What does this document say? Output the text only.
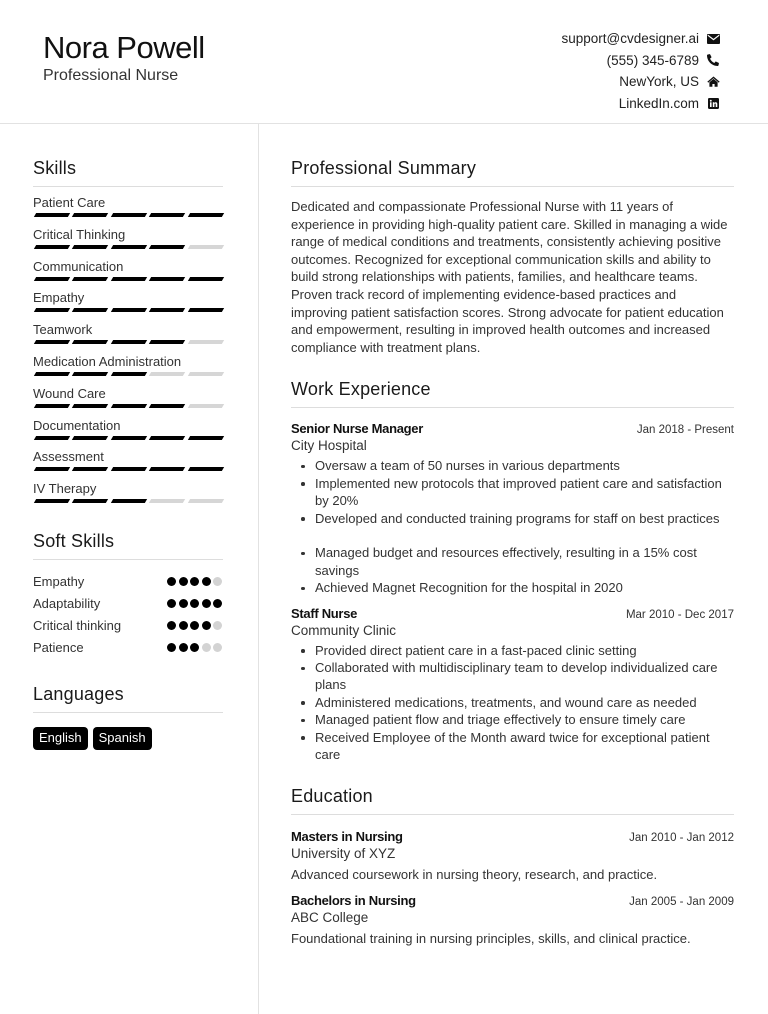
Nora Powell
Professional Nurse
support@cvdesigner.ai
(555) 345-6789
NewYork, US
LinkedIn.com
Skills
Patient Care
Critical Thinking
Communication
Empathy
Teamwork
Medication Administration
Wound Care
Documentation
Assessment
IV Therapy
Soft Skills
Empathy
Adaptability
Critical thinking
Patience
Languages
English	Spanish
Professional Summary
Dedicated and compassionate Professional Nurse with 11 years of experience in providing high-quality patient care. Skilled in managing a wide range of medical conditions and treatments, consistently achieving positive outcomes. Recognized for exceptional communication skills and ability to build strong relationships with patients, families, and healthcare teams. Proven track record of implementing evidence-based practices and improving patient satisfaction scores. Strong advocate for patient education and empowerment, resulting in improved health outcomes and increased compliance with treatment plans.
Work Experience
Senior Nurse Manager	Jan 2018 - Present
City Hospital
Oversaw a team of 50 nurses in various departments
Implemented new protocols that improved patient care and satisfaction by 20%
Developed and conducted training programs for staff on best practices

Managed budget and resources effectively, resulting in a 15% cost savings
Achieved Magnet Recognition for the hospital in 2020
Staff Nurse	Mar 2010 - Dec 2017
Community Clinic
Provided direct patient care in a fast-paced clinic setting
Collaborated with multidisciplinary team to develop individualized care plans
Administered medications, treatments, and wound care as needed
Managed patient flow and triage effectively to ensure timely care
Received Employee of the Month award twice for exceptional patient care
Education
Masters in Nursing	Jan 2010 - Jan 2012
University of XYZ
Advanced coursework in nursing theory, research, and practice.
Bachelors in Nursing	Jan 2005 - Jan 2009
ABC College
Foundational training in nursing principles, skills, and clinical practice.
